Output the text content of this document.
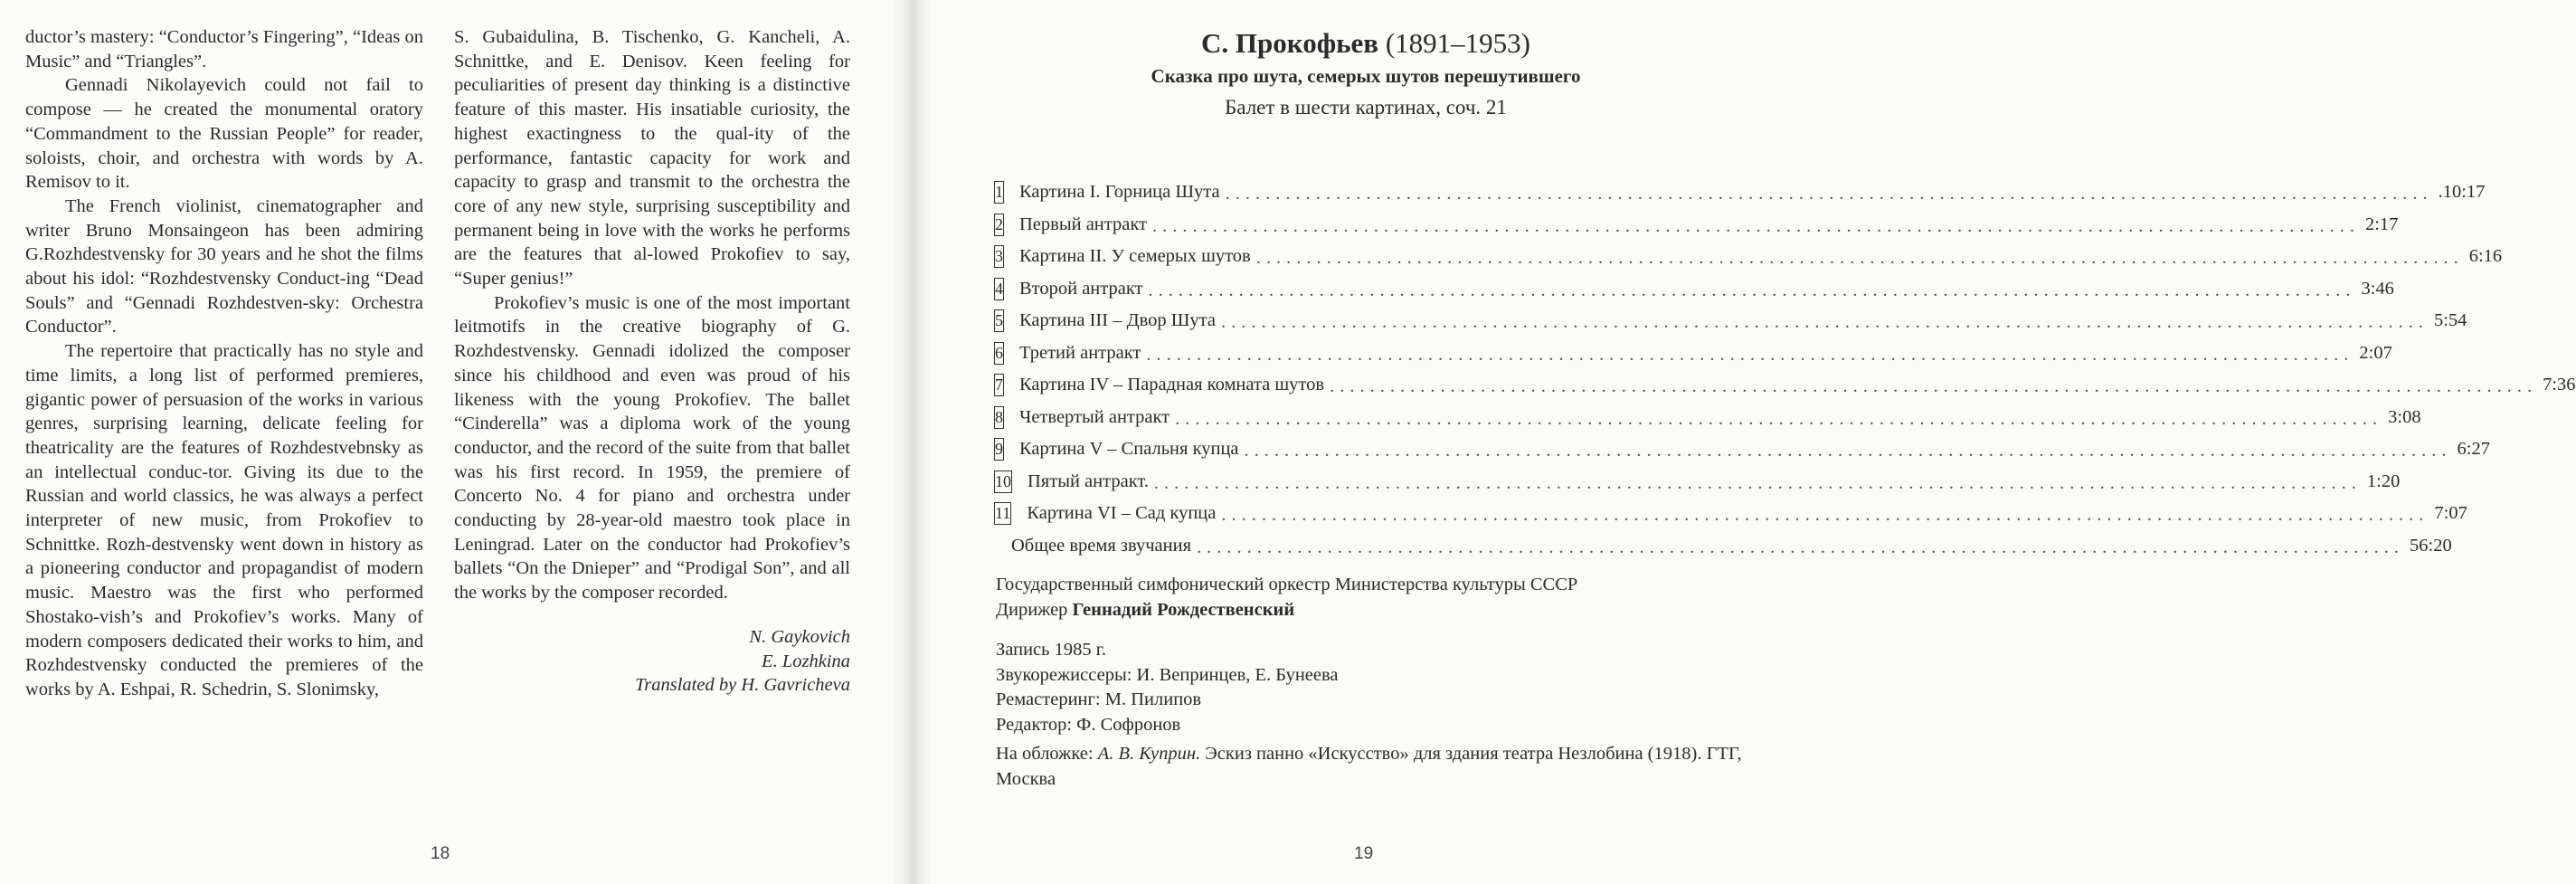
ductor’s mastery: “Conductor’s Fingering”, “Ideas on Music” and “Triangles”.

Gennadi Nikolayevich could not fail to compose — he created the monumental oratory “Commandment to the Russian People” for reader, soloists, choir, and orchestra with words by A. Remisov to it.

The French violinist, cinematographer and writer Bruno Monsaingeon has been admiring G.Rozhdestvensky for 30 years and he shot the films about his idol: “Rozhdestvensky Conduct-ing “Dead Souls” and “Gennadi Rozhdestven-sky: Orchestra Conductor”.

The repertoire that practically has no style and time limits, a long list of performed premieres, gigantic power of persuasion of the works in various genres, surprising learning, delicate feeling for theatricality are the features of Rozhdestvebnsky as an intellectual conduc-tor. Giving its due to the Russian and world classics, he was always a perfect interpreter of new music, from Prokofiev to Schnittke. Rozh-destvensky went down in history as a pioneering conductor and propagandist of modern music. Maestro was the first who performed Shostako-vish’s and Prokofiev’s works. Many of modern composers dedicated their works to him, and Rozhdestvensky conducted the premieres of the works by A. Eshpai, R. Schedrin, S. Slonimsky,

S. Gubaidulina, B. Tischenko, G. Kancheli, A. Schnittke, and E. Denisov. Keen feeling for peculiarities of present day thinking is a distinctive feature of this master. His insatiable curiosity, the highest exactingness to the qual-ity of the performance, fantastic capacity for work and capacity to grasp and transmit to the orchestra the core of any new style, surprising susceptibility and permanent being in love with the works he performs are the features that al-lowed Prokofiev to say, “Super genius!”

Prokofiev’s music is one of the most important leitmotifs in the creative biography of G. Rozhdestvensky. Gennadi idolized the composer since his childhood and even was proud of his likeness with the young Prokofiev. The ballet “Cinderella” was a diploma work of the young conductor, and the record of the suite from that ballet was his first record. In 1959, the premiere of Concerto No. 4 for piano and orchestra under conducting by 28-year-old maestro took place in Leningrad. Later on the conductor had Prokofiev’s ballets “On the Dnieper” and “Prodigal Son”, and all the works by the composer recorded.

N. Gaykovich
E. Lozhkina
Translated by H. Gavricheva

18
С. Прокофьев (1891–1953)
Сказка про шута, семерых шутов перешутившего
Балет в шести картинах, соч. 21
1 Картина I. Горница Шута ........................................................................................................................ .10:17
2 Первый антракт ........................................................................................................................ 2:17
3 Картина II. У семерых шутов ........................................................................................................................ 6:16
4 Второй антракт ........................................................................................................................ 3:46
5 Картина III – Двор Шута ........................................................................................................................ 5:54
6 Третий антракт ........................................................................................................................ 2:07
7 Картина IV – Парадная комната шутов ........................................................................................................................ 7:36
8 Четвертый антракт ........................................................................................................................ 3:08
9 Картина V – Спальня купца ........................................................................................................................ 6:27
10 Пятый антракт. ........................................................................................................................ 1:20
11 Картина VI – Сад купца ........................................................................................................................ 7:07
Общее время звучания ........................................................................................................................ 56:20

Государственный симфонический оркестр Министерства культуры СССР

Дирижер Геннадий Рождественский

Запись 1985 г.

Звукорежиссеры: И. Вепринцев, Е. Бунеева

Ремастеринг: М. Пилипов

Редактор: Ф. Софронов

На обложке: А. В. Куприн. Эскиз панно «Искусство» для здания театра Незлобина (1918). ГТГ, Москва

19
